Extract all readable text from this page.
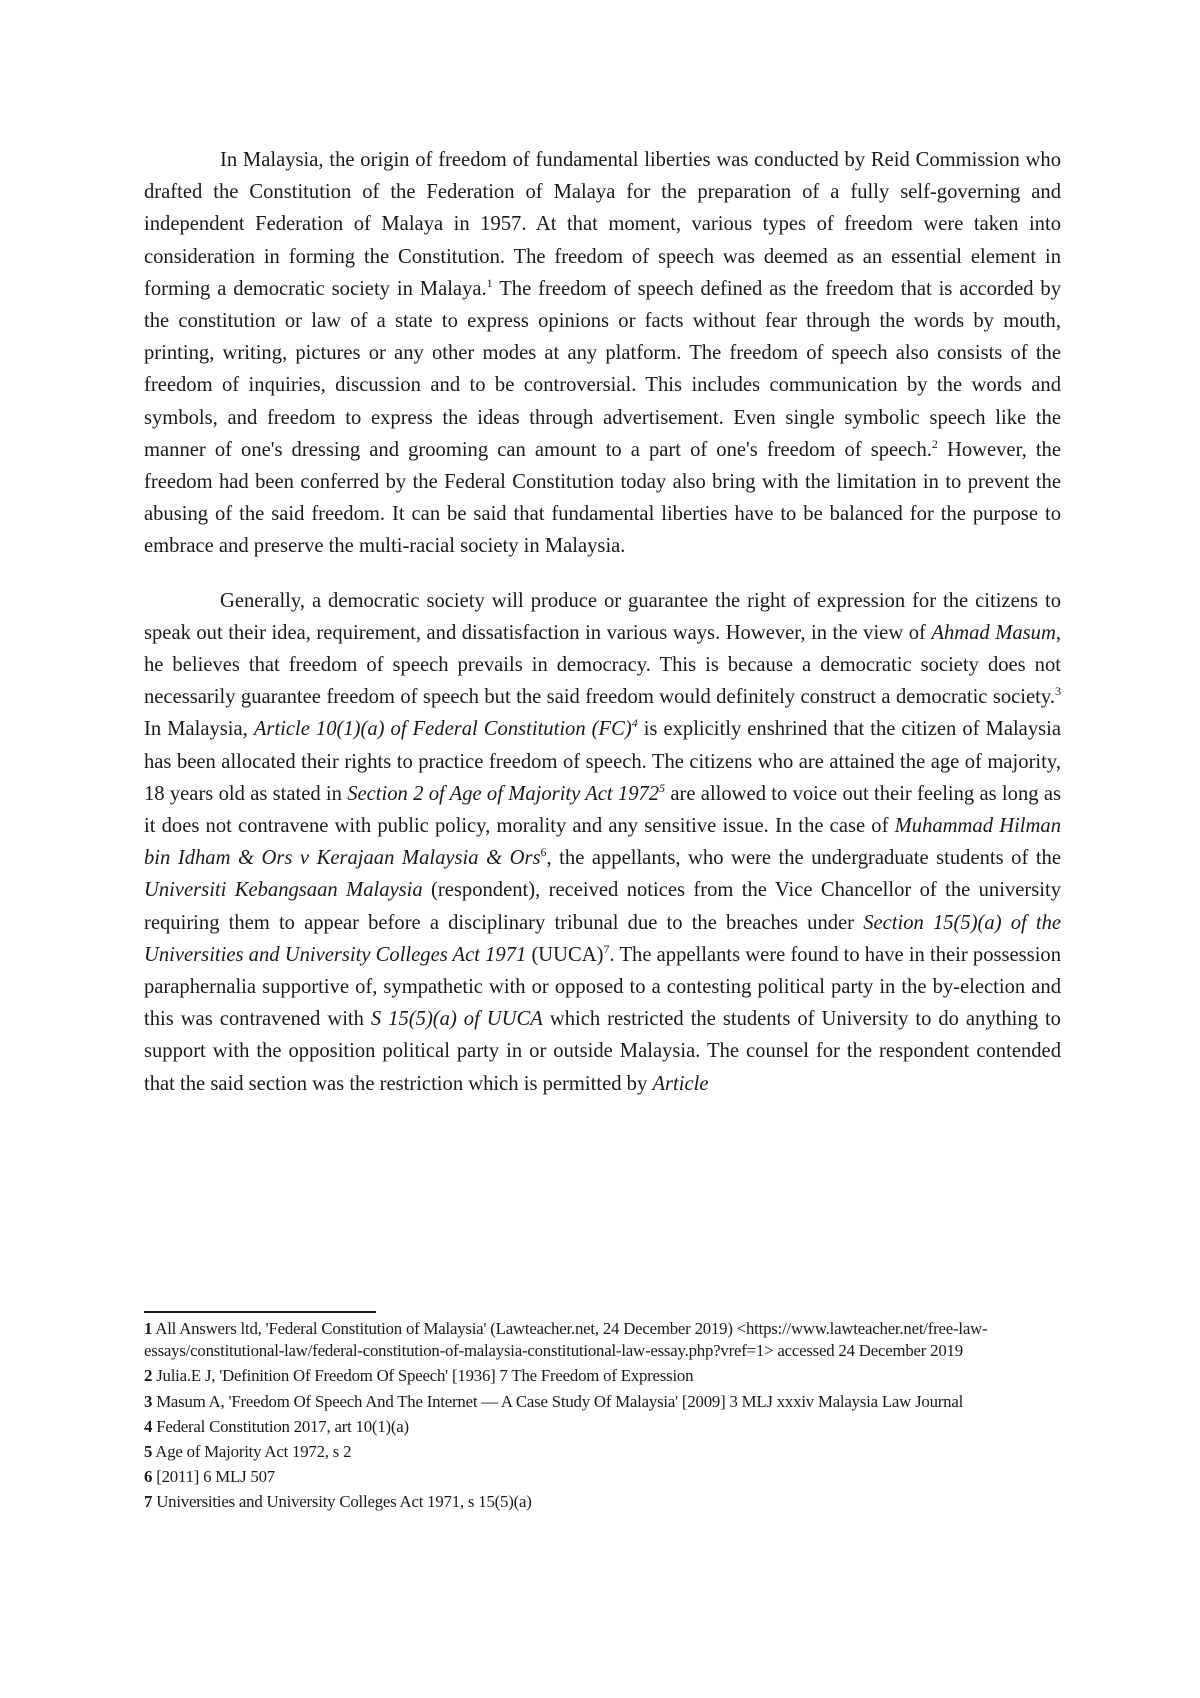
In Malaysia, the origin of freedom of fundamental liberties was conducted by Reid Commission who drafted the Constitution of the Federation of Malaya for the preparation of a fully self-governing and independent Federation of Malaya in 1957. At that moment, various types of freedom were taken into consideration in forming the Constitution. The freedom of speech was deemed as an essential element in forming a democratic society in Malaya.$^1$ The freedom of speech defined as the freedom that is accorded by the constitution or law of a state to express opinions or facts without fear through the words by mouth, printing, writing, pictures or any other modes at any platform. The freedom of speech also consists of the freedom of inquiries, discussion and to be controversial. This includes communication by the words and symbols, and freedom to express the ideas through advertisement. Even single symbolic speech like the manner of one's dressing and grooming can amount to a part of one's freedom of speech.$^2$ However, the freedom had been conferred by the Federal Constitution today also bring with the limitation in to prevent the abusing of the said freedom. It can be said that fundamental liberties have to be balanced for the purpose to embrace and preserve the multi-racial society in Malaysia.

Generally, a democratic society will produce or guarantee the right of expression for the citizens to speak out their idea, requirement, and dissatisfaction in various ways. However, in the view of Ahmad Masum, he believes that freedom of speech prevails in democracy. This is because a democratic society does not necessarily guarantee freedom of speech but the said freedom would definitely construct a democratic society.$^3$ In Malaysia, Article 10(1)(a) of Federal Constitution (FC)$^4$ is explicitly enshrined that the citizen of Malaysia has been allocated their rights to practice freedom of speech. The citizens who are attained the age of majority, 18 years old as stated in Section 2 of Age of Majority Act 1972$^5$ are allowed to voice out their feeling as long as it does not contravene with public policy, morality and any sensitive issue. In the case of Muhammad Hilman bin Idham & Ors v Kerajaan Malaysia & Ors$^6$, the appellants, who were the undergraduate students of the Universiti Kebangsaan Malaysia (respondent), received notices from the Vice Chancellor of the university requiring them to appear before a disciplinary tribunal due to the breaches under Section 15(5)(a) of the Universities and University Colleges Act 1971 (UUCA)$^7$. The appellants were found to have in their possession paraphernalia supportive of, sympathetic with or opposed to a contesting political party in the by-election and this was contravened with S 15(5)(a) of UUCA which restricted the students of University to do anything to support with the opposition political party in or outside Malaysia. The counsel for the respondent contended that the said section was the restriction which is permitted by Article

1 All Answers ltd, 'Federal Constitution of Malaysia' (Lawteacher.net, 24 December 2019) <https://www.lawteacher.net/free-law-essays/constitutional-law/federal-constitution-of-malaysia-constitutional-law-essay.php?vref=1> accessed 24 December 2019
2 Julia.E J, 'Definition Of Freedom Of Speech' [1936] 7 The Freedom of Expression
3 Masum A, 'Freedom Of Speech And The Internet — A Case Study Of Malaysia' [2009] 3 MLJ xxxiv Malaysia Law Journal
4 Federal Constitution 2017, art 10(1)(a)
5 Age of Majority Act 1972, s 2
6 [2011] 6 MLJ 507
7 Universities and University Colleges Act 1971, s 15(5)(a)
